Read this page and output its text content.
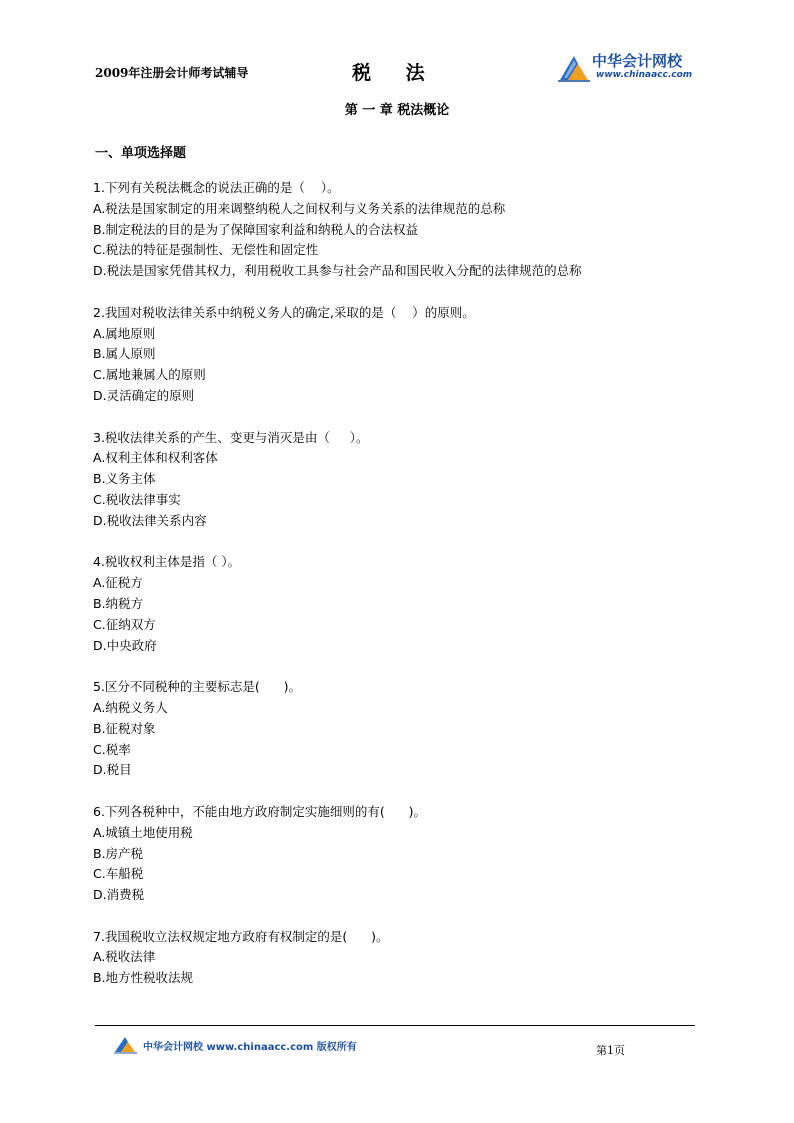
2009年注册会计师考试辅导	税 法
中华会计网校
www.chinaacc.com
第 一 章 税法概论
一、单项选择题
1.下列有关税法概念的说法正确的是（    ）。
A.税法是国家制定的用来调整纳税人之间权利与义务关系的法律规范的总称
B.制定税法的目的是为了保障国家利益和纳税人的合法权益
C.税法的特征是强制性、无偿性和固定性
D.税法是国家凭借其权力，利用税收工具参与社会产品和国民收入分配的法律规范的总称
2.我国对税收法律关系中纳税义务人的确定,采取的是（    ）的原则。
A.属地原则
B.属人原则
C.属地兼属人的原则
D.灵活确定的原则
3.税收法律关系的产生、变更与消灭是由（     ）。
A.权利主体和权利客体
B.义务主体
C.税收法律事实
D.税收法律关系内容
4.税收权利主体是指（ ）。
A.征税方
B.纳税方
C.征纳双方
D.中央政府
5.区分不同税种的主要标志是(      )。
A.纳税义务人
B.征税对象
C.税率
D.税目
6.下列各税种中，不能由地方政府制定实施细则的有(      )。
A.城镇土地使用税
B.房产税
C.车船税
D.消费税
7.我国税收立法权规定地方政府有权制定的是(      )。
A.税收法律
B.地方性税收法规
中华会计网校 www.chinaacc.com 版权所有	第1页
